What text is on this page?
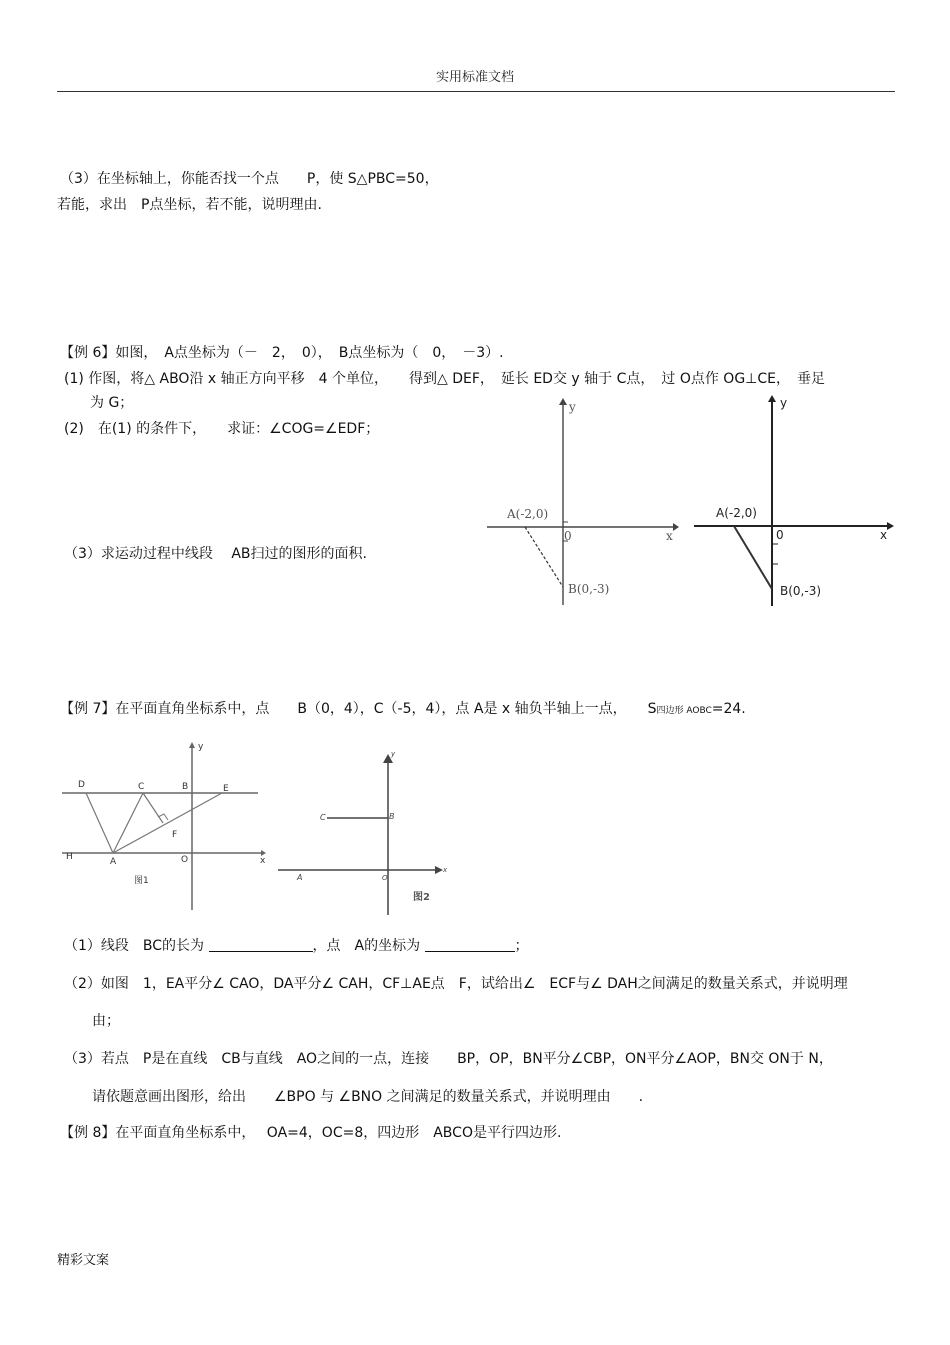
实用标准文档
（3）在坐标轴上，你能否找一个点　　P，使 S△PBC=50，
若能，求出　P点坐标，若不能，说明理由.
【例 6】如图，　A点坐标为（－　2，　0），　B点坐标为（　0，　－3）.
(1) 作图，将△ ABO沿 x 轴正方向平移　4 个单位，　　得到△ DEF，　延长 ED交 y 轴于 C点，　过 O点作 OG⊥CE，　垂足
为 G；
(2)　在(1) 的条件下，　　求证：∠COG=∠EDF；
（3）求运动过程中线段　 AB扫过的图形的面积.
y
x
0
A(-2,0)
B(0,-3)
y
x
0
A(-2,0)
B(0,-3)
【例 7】在平面直角坐标系中，点　　B（0，4），C（-5，4），点 A是 x 轴负半轴上一点，　　S四边形 AOBC=24.
y
x
D	C	B	E
F
H	A	O
图1
y
x
C	B
A	O
图2
（1）线段　BC的长为	，点　A的坐标为	；
（2）如图　1，EA平分∠ CAO，DA平分∠ CAH，CF⊥AE点　F，试给出∠　ECF与∠ DAH之间满足的数量关系式，并说明理
由；
（3）若点　P是在直线　CB与直线　AO之间的一点，连接　　BP，OP，BN平分∠CBP，ON平分∠AOP，BN交 ON于 N，
请依题意画出图形，给出　　∠BPO 与 ∠BNO 之间满足的数量关系式，并说明理由　　.
【例 8】在平面直角坐标系中，　 OA=4，OC=8，四边形　ABCO是平行四边形.
精彩文案
